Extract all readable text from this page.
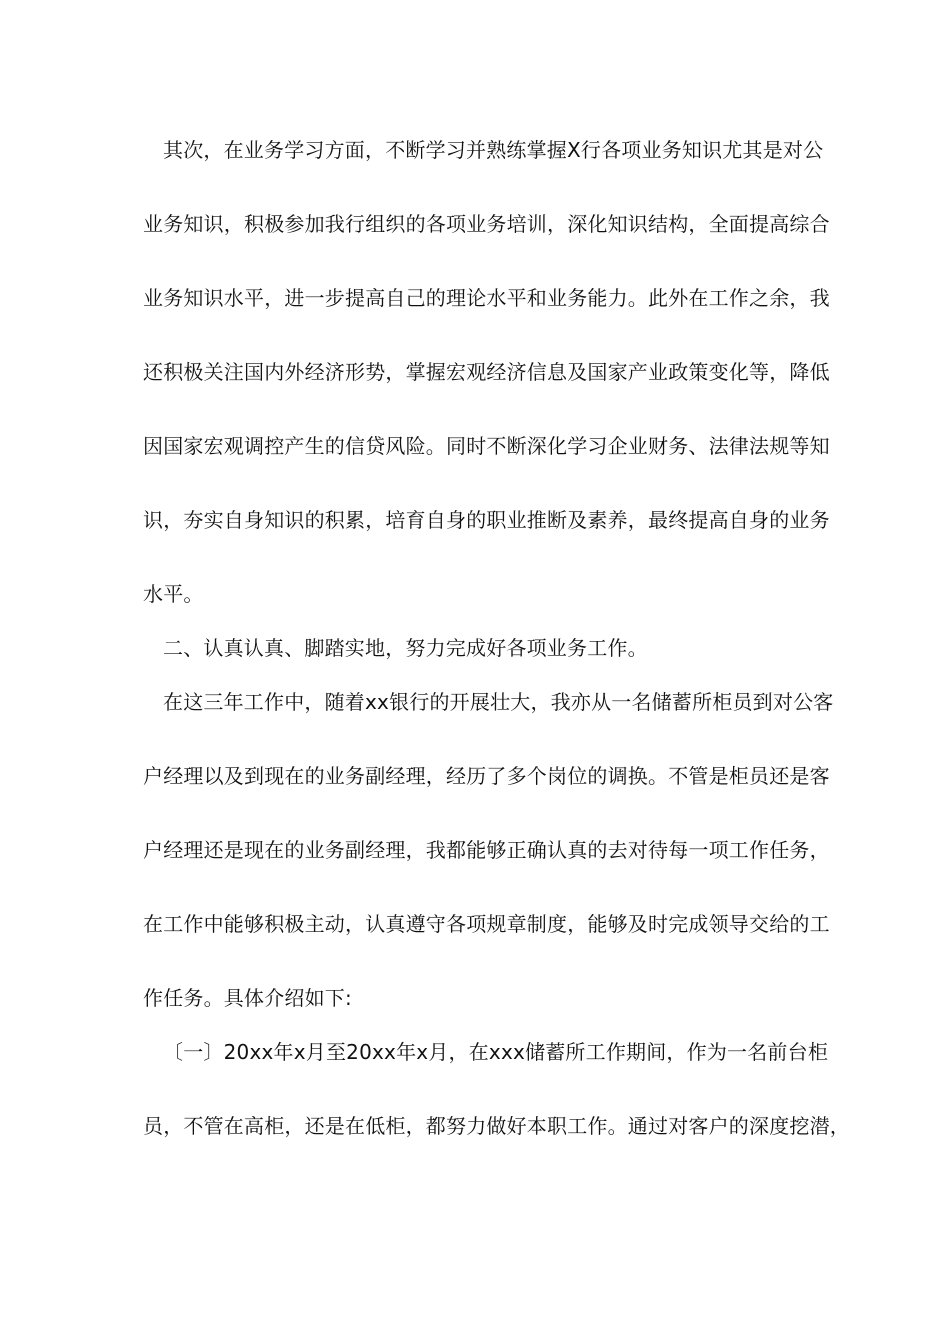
其次，在业务学习方面，不断学习并熟练掌握X行各项业务知识尤其是对公
业务知识，积极参加我行组织的各项业务培训，深化知识结构，全面提高综合
业务知识水平，进一步提高自己的理论水平和业务能力。此外在工作之余，我
还积极关注国内外经济形势，掌握宏观经济信息及国家产业政策变化等，降低
因国家宏观调控产生的信贷风险。同时不断深化学习企业财务、法律法规等知
识，夯实自身知识的积累，培育自身的职业推断及素养，最终提高自身的业务
水平。
二、认真认真、脚踏实地，努力完成好各项业务工作。
在这三年工作中，随着xx银行的开展壮大，我亦从一名储蓄所柜员到对公客
户经理以及到现在的业务副经理，经历了多个岗位的调换。不管是柜员还是客
户经理还是现在的业务副经理，我都能够正确认真的去对待每一项工作任务，
在工作中能够积极主动，认真遵守各项规章制度，能够及时完成领导交给的工
作任务。具体介绍如下:
〔一〕20xx年x月至20xx年x月，在xxx储蓄所工作期间，作为一名前台柜
员，不管在高柜，还是在低柜，都努力做好本职工作。通过对客户的深度挖潜，
